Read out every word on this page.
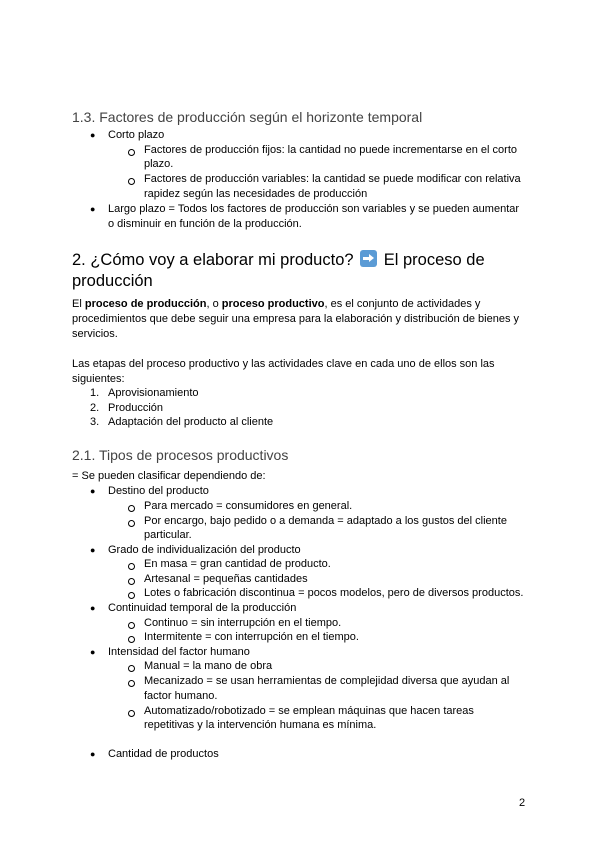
1.3. Factores de producción según el horizonte temporal
● Corto plazo

Factores de producción fijos: la cantidad no puede incrementarse en el corto

plazo.

Factores de producción variables: la cantidad se puede modificar con relativa

rapidez según las necesidades de producción

● Largo plazo = Todos los factores de producción son variables y se pueden aumentar

o disminuir en función de la producción.

2. ¿Cómo voy a elaborar mi producto? El proceso de
producción

El proceso de producción, o proceso productivo, es el conjunto de actividades y

procedimientos que debe seguir una empresa para la elaboración y distribución de bienes y

servicios.

Las etapas del proceso productivo y las actividades clave en cada uno de ellos son las

siguientes:

1. Aprovisionamiento

2. Producción

3. Adaptación del producto al cliente

2.1. Tipos de procesos productivos

= Se pueden clasificar dependiendo de:

● Destino del producto

Para mercado = consumidores en general.

Por encargo, bajo pedido o a demanda = adaptado a los gustos del cliente

particular.

● Grado de individualización del producto

En masa = gran cantidad de producto.

Artesanal = pequeñas cantidades

Lotes o fabricación discontinua = pocos modelos, pero de diversos productos.

● Continuidad temporal de la producción

Continuo = sin interrupción en el tiempo.

Intermitente = con interrupción en el tiempo.

● Intensidad del factor humano

Manual = la mano de obra

Mecanizado = se usan herramientas de complejidad diversa que ayudan al

factor humano.

Automatizado/robotizado = se emplean máquinas que hacen tareas

repetitivas y la intervención humana es mínima.

● Cantidad de productos

2
